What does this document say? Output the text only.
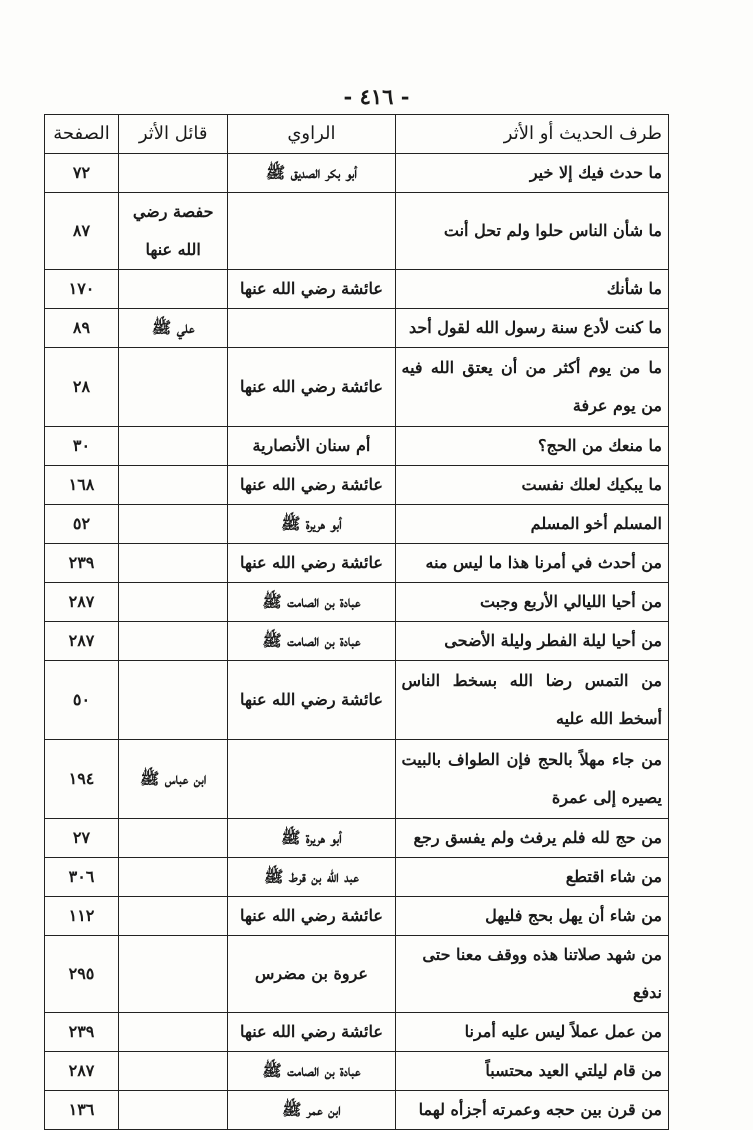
- ٤١٦ -
طرف الحديث أو الأثر	الراوي	قائل الأثر	الصفحة
ما حدث فيك إلا خير	أبو بكر الصديق ﷺ		٧٢
ما شأن الناس حلوا ولم تحل أنت		حفصة رضي الله عنها	٨٧
ما شأنك	عائشة رضي الله عنها		١٧٠
ما كنت لأدع سنة رسول الله لقول أحد		علي ﷺ	٨٩
ما من يوم أكثر من أن يعتق الله فيه من يوم عرفة	عائشة رضي الله عنها		٢٨
ما منعك من الحج؟	أم سنان الأنصارية		٣٠
ما يبكيك لعلك نفست	عائشة رضي الله عنها		١٦٨
المسلم أخو المسلم	أبو هريرة ﷺ		٥٢
من أحدث في أمرنا هذا ما ليس منه	عائشة رضي الله عنها		٢٣٩
من أحيا الليالي الأربع وجبت	عبادة بن الصامت ﷺ		٢٨٧
من أحيا ليلة الفطر وليلة الأضحى	عبادة بن الصامت ﷺ		٢٨٧
من التمس رضا الله بسخط الناس أسخط الله عليه	عائشة رضي الله عنها		٥٠
من جاء مهلاً بالحج فإن الطواف بالبيت يصيره إلى عمرة		ابن عباس ﷺ	١٩٤
من حج لله فلم يرفث ولم يفسق رجع	أبو هريرة ﷺ		٢٧
من شاء اقتطع	عبد الله بن قرط ﷺ		٣٠٦
من شاء أن يهل بحج فليهل	عائشة رضي الله عنها		١١٢
من شهد صلاتنا هذه ووقف معنا حتى ندفع	عروة بن مضرس		٢٩٥
من عمل عملاً ليس عليه أمرنا	عائشة رضي الله عنها		٢٣٩
من قام ليلتي العيد محتسباً	عبادة بن الصامت ﷺ		٢٨٧
من قرن بين حجه وعمرته أجزأه لهما	ابن عمر ﷺ		١٣٦
